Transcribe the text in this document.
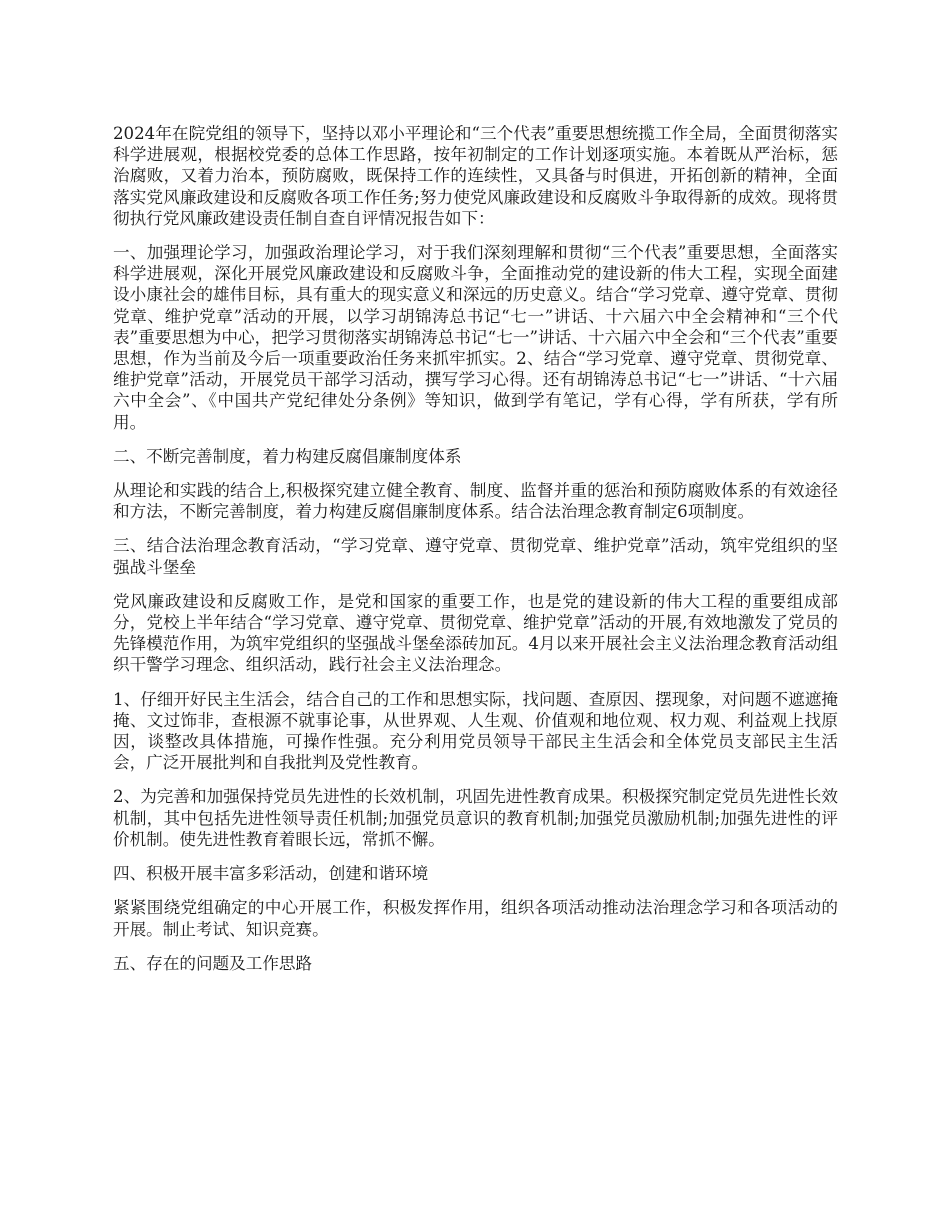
2024年在院党组的领导下，坚持以邓小平理论和“三个代表”重要思想统揽工作全局，全面贯彻落实科学进展观，根据校党委的总体工作思路，按年初制定的工作计划逐项实施。本着既从严治标，惩治腐败，又着力治本，预防腐败，既保持工作的连续性，又具备与时俱进，开拓创新的精神，全面落实党风廉政建设和反腐败各项工作任务;努力使党风廉政建设和反腐败斗争取得新的成效。现将贯彻执行党风廉政建设责任制自查自评情况报告如下：

一、加强理论学习，加强政治理论学习，对于我们深刻理解和贯彻“三个代表”重要思想，全面落实科学进展观，深化开展党风廉政建设和反腐败斗争，全面推动党的建设新的伟大工程，实现全面建设小康社会的雄伟目标，具有重大的现实意义和深远的历史意义。结合“学习党章、遵守党章、贯彻党章、维护党章”活动的开展，以学习胡锦涛总书记“七一”讲话、十六届六中全会精神和“三个代表”重要思想为中心，把学习贯彻落实胡锦涛总书记“七一”讲话、十六届六中全会和“三个代表”重要思想，作为当前及今后一项重要政治任务来抓牢抓实。2、结合“学习党章、遵守党章、贯彻党章、维护党章”活动，开展党员干部学习活动，撰写学习心得。还有胡锦涛总书记“七一”讲话、“十六届六中全会”、《中国共产党纪律处分条例》等知识，做到学有笔记，学有心得，学有所获，学有所用。

二、不断完善制度，着力构建反腐倡廉制度体系

从理论和实践的结合上,积极探究建立健全教育、制度、监督并重的惩治和预防腐败体系的有效途径和方法，不断完善制度，着力构建反腐倡廉制度体系。结合法治理念教育制定6项制度。

三、结合法治理念教育活动，“学习党章、遵守党章、贯彻党章、维护党章”活动，筑牢党组织的坚强战斗堡垒

党风廉政建设和反腐败工作，是党和国家的重要工作，也是党的建设新的伟大工程的重要组成部分，党校上半年结合“学习党章、遵守党章、贯彻党章、维护党章”活动的开展,有效地激发了党员的先锋模范作用，为筑牢党组织的坚强战斗堡垒添砖加瓦。4月以来开展社会主义法治理念教育活动组织干警学习理念、组织活动，践行社会主义法治理念。

1、仔细开好民主生活会，结合自己的工作和思想实际，找问题、查原因、摆现象，对问题不遮遮掩掩、文过饰非，查根源不就事论事，从世界观、人生观、价值观和地位观、权力观、利益观上找原因，谈整改具体措施，可操作性强。充分利用党员领导干部民主生活会和全体党员支部民主生活会，广泛开展批判和自我批判及党性教育。

2、为完善和加强保持党员先进性的长效机制，巩固先进性教育成果。积极探究制定党员先进性长效机制，其中包括先进性领导责任机制;加强党员意识的教育机制;加强党员激励机制;加强先进性的评价机制。使先进性教育着眼长远，常抓不懈。

四、积极开展丰富多彩活动，创建和谐环境

紧紧围绕党组确定的中心开展工作，积极发挥作用，组织各项活动推动法治理念学习和各项活动的开展。制止考试、知识竞赛。

五、存在的问题及工作思路
